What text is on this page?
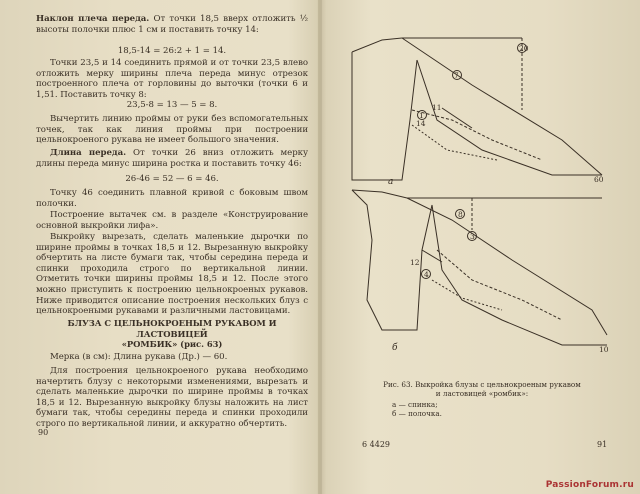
Наклон плеча переда. От точки 18,5 вверх отложить ½ высоты полочки плюс 1 см и поставить точку 14:
18,5-14 = 26:2 + 1 = 14.
Точки 23,5 и 14 соединить прямой и от точки 23,5 влево отложить мерку ширины плеча переда минус отрезок построенного плеча от горловины до выточки (точки 6 и 1,51. Поставить точку 8:
23,5-8 = 13 — 5 = 8.
Вычертить линию проймы от руки без вспомогательных точек, так как линия проймы при построении цельнокроеного рукава не имеет большого значения.
Длина переда. От точки 26 вниз отложить мерку длины переда минус ширина ростка и поставить точку 46:
26-46 = 52 — 6 = 46.
Точку 46 соединить плавной кривой с боковым швом полочки.
Построение вытачек см. в разделе «Конструирование основной выкройки лифа».
Выкройку вырезать, сделать маленькие дырочки по ширине проймы в точках 18,5 и 12. Вырезанную выкройку обчертить на листе бумаги так, чтобы середина переда и спинки проходила строго по вертикальной линии. Отметить точки ширины проймы 18,5 и 12. После этого можно приступить к построению цельнокроеных рукавов. Ниже приводится описание построения нескольких блуз с цельнокроеными рукавами и различными ластовицами.
БЛУЗА С ЦЕЛЬНОКРОЕНЫМ РУКАВОМ И ЛАСТОВИЦЕЙ
«РОМБИК» (рис. 63)
Мерка (в см): Длина рукава (Др.) — 60.
Для построения цельнокроеного рукава необходимо начертить блузу с некоторыми изменениями, вырезать и сделать маленькие дырочки по ширине проймы в точках 18,5 и 12. Вырезанную выкройку блузы наложить на лист бумаги так, чтобы середины переда и спинки проходили строго по вертикальной линии, и аккуратно обчертить.
90
а
б
20
7
1
8
3
4
12
14
11
60
10
Рис. 63. Выкройка блузы с цельнокроеным рукавом
и ластовицей «ромбик»:
а — спинка;
б — полочка.
6 4429	91
PassionForum.ru
